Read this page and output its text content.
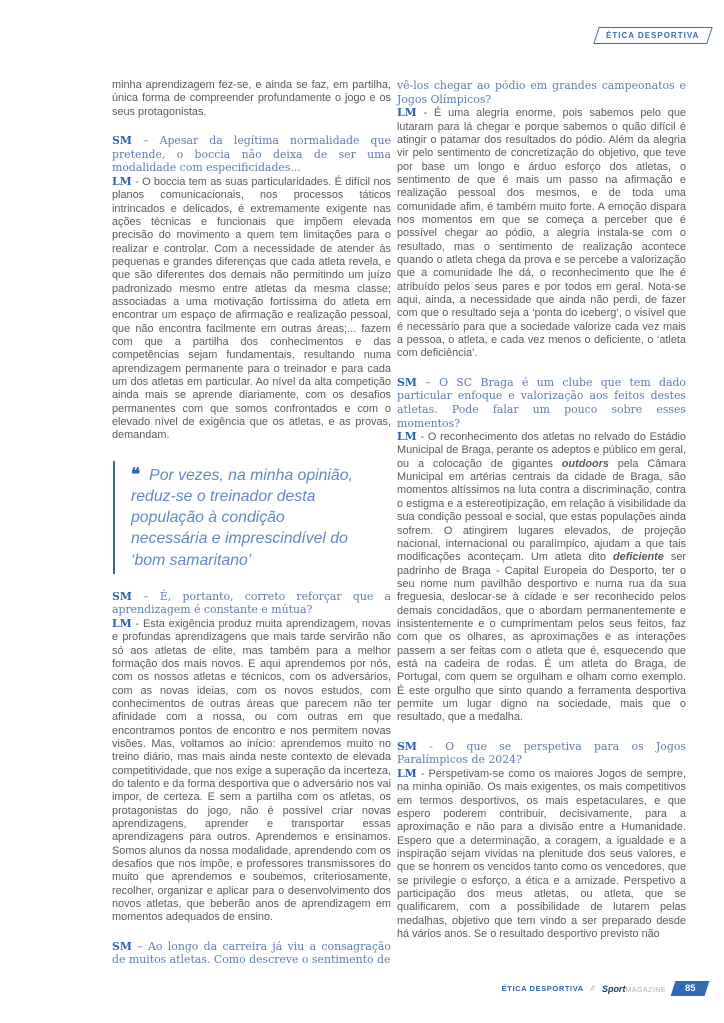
ÉTICA DESPORTIVA

minha aprendizagem fez-se, e ainda se faz, em partilha, única forma de compreender profundamente o jogo e os seus protagonistas.

SM – Apesar da legítima normalidade que pretende, o boccia não deixa de ser uma modalidade com especificidades...

LM - O boccia tem as suas particularidades. É difícil nos planos comunicacionais, nos processos táticos intrincados e delicados, é extremamente exigente nas ações técnicas e funcionais que impõem elevada precisão do movimento a quem tem limitações para o realizar e controlar. Com a necessidade de atender às pequenas e grandes diferenças que cada atleta revela, e que são diferentes dos demais não permitindo um juízo padronizado mesmo entre atletas da mesma classe; associadas a uma motivação fortíssima do atleta em encontrar um espaço de afirmação e realização pessoal, que não encontra facilmente em outras áreas;... fazem com que a partilha dos conhecimentos e das competências sejam fundamentais, resultando numa aprendizagem permanente para o treinador e para cada um dos atletas em particular. Ao nível da alta competição ainda mais se aprende diariamente, com os desafios permanentes com que somos confrontados e com o elevado nível de exigência que os atletas, e as provas, demandam.

❝ Por vezes, na minha opinião, reduz-se o treinador desta população à condição necessária e imprescindível do ‘bom samaritano’

SM – É, portanto, correto reforçar que a aprendizagem é constante e mútua?

LM - Esta exigência produz muita aprendizagem, novas e profundas aprendizagens que mais tarde servirão não só aos atletas de elite, mas também para a melhor formação dos mais novos. E aqui aprendemos por nós, com os nossos atletas e técnicos, com os adversários, com as novas ideias, com os novos estudos, com conhecimentos de outras áreas que parecem não ter afinidade com a nossa, ou com outras em que encontramos pontos de encontro e nos permitem novas visões. Mas, voltamos ao início: aprendemos muito no treino diário, mas mais ainda neste contexto de elevada competitividade, que nos exige a superação da incerteza, do talento e da forma desportiva que o adversário nos vai impor, de certeza. E sem a partilha com os atletas, os protagonistas do jogo, não é possível criar novas aprendizagens, aprender e transportar essas aprendizagens para outros. Aprendemos e ensinamos. Somos alunos da nossa modalidade, aprendendo com os desafios que nos impõe, e professores transmissores do muito que aprendemos e soubemos, criteriosamente, recolher, organizar e aplicar para o desenvolvimento dos novos atletas, que beberão anos de aprendizagem em momentos adequados de ensino.

SM – Ao longo da carreira já viu a consagração de muitos atletas. Como descreve o sentimento de

vê-los chegar ao pódio em grandes campeonatos e Jogos Olímpicos?

LM - É uma alegria enorme, pois sabemos pelo que lutaram para lá chegar e porque sabemos o quão difícil é atingir o patamar dos resultados do pódio. Além da alegria vir pelo sentimento de concretização do objetivo, que teve por base um longo e árduo esforço dos atletas, o sentimento de que é mais um passo na afirmação e realização pessoal dos mesmos, e de toda uma comunidade afim, é também muito forte. A emoção dispara nos momentos em que se começa a perceber que é possível chegar ao pódio, a alegria instala-se com o resultado, mas o sentimento de realização acontece quando o atleta chega da prova e se percebe a valorização que a comunidade lhe dá, o reconhecimento que lhe é atribuído pelos seus pares e por todos em geral. Nota-se aqui, ainda, a necessidade que ainda não perdi, de fazer com que o resultado seja a ‘ponta do iceberg’, o visível que é necessário para que a sociedade valorize cada vez mais a pessoa, o atleta, e cada vez menos o deficiente, o ‘atleta com deficiência’.

SM – O SC Braga é um clube que tem dado particular enfoque e valorização aos feitos destes atletas. Pode falar um pouco sobre esses momentos?

LM - O reconhecimento dos atletas no relvado do Estádio Municipal de Braga, perante os adeptos e público em geral, ou a colocação de gigantes outdoors pela Câmara Municipal em artérias centrais da cidade de Braga, são momentos altíssimos na luta contra a discriminação, contra o estigma e a estereotipização, em relação à visibilidade da sua condição pessoal e social, que estas populações ainda sofrem. O atingirem lugares elevados, de projeção nacional, internacional ou paralímpico, ajudam a que tais modificações aconteçam. Um atleta dito deficiente ser padrinho de Braga - Capital Europeia do Desporto, ter o seu nome num pavilhão desportivo e numa rua da sua freguesia, deslocar-se à cidade e ser reconhecido pelos demais concidadãos, que o abordam permanentemente e insistentemente e o cumprimentam pelos seus feitos, faz com que os olhares, as aproximações e as interações passem a ser feitas com o atleta que é, esquecendo que está na cadeira de rodas. É um atleta do Braga, de Portugal, com quem se orgulham e olham como exemplo. É este orgulho que sinto quando a ferramenta desportiva permite um lugar digno na sociedade, mais que o resultado, que a medalha.

SM - O que se perspetiva para os Jogos Paralímpicos de 2024?

LM - Perspetivam-se como os maiores Jogos de sempre, na minha opinião. Os mais exigentes, os mais competitivos em termos desportivos, os mais espetaculares, e que espero poderem contribuir, decisivamente, para a aproximação e não para a divisão entre a Humanidade. Espero que a determinação, a coragem, a igualdade e a inspiração sejam vividas na plenitude dos seus valores, e que se honrem os vencidos tanto como os vencedores, que se privilegie o esforço, a ética e a amizade. Perspetivo a participação dos meus atletas, ou atleta, que se qualificarem, com a possibilidade de lutarem pelas medalhas, objetivo que tem vindo a ser preparado desde há vários anos. Se o resultado desportivo previsto não

ÉTICA DESPORTIVA // SportMAGAZINE 85
